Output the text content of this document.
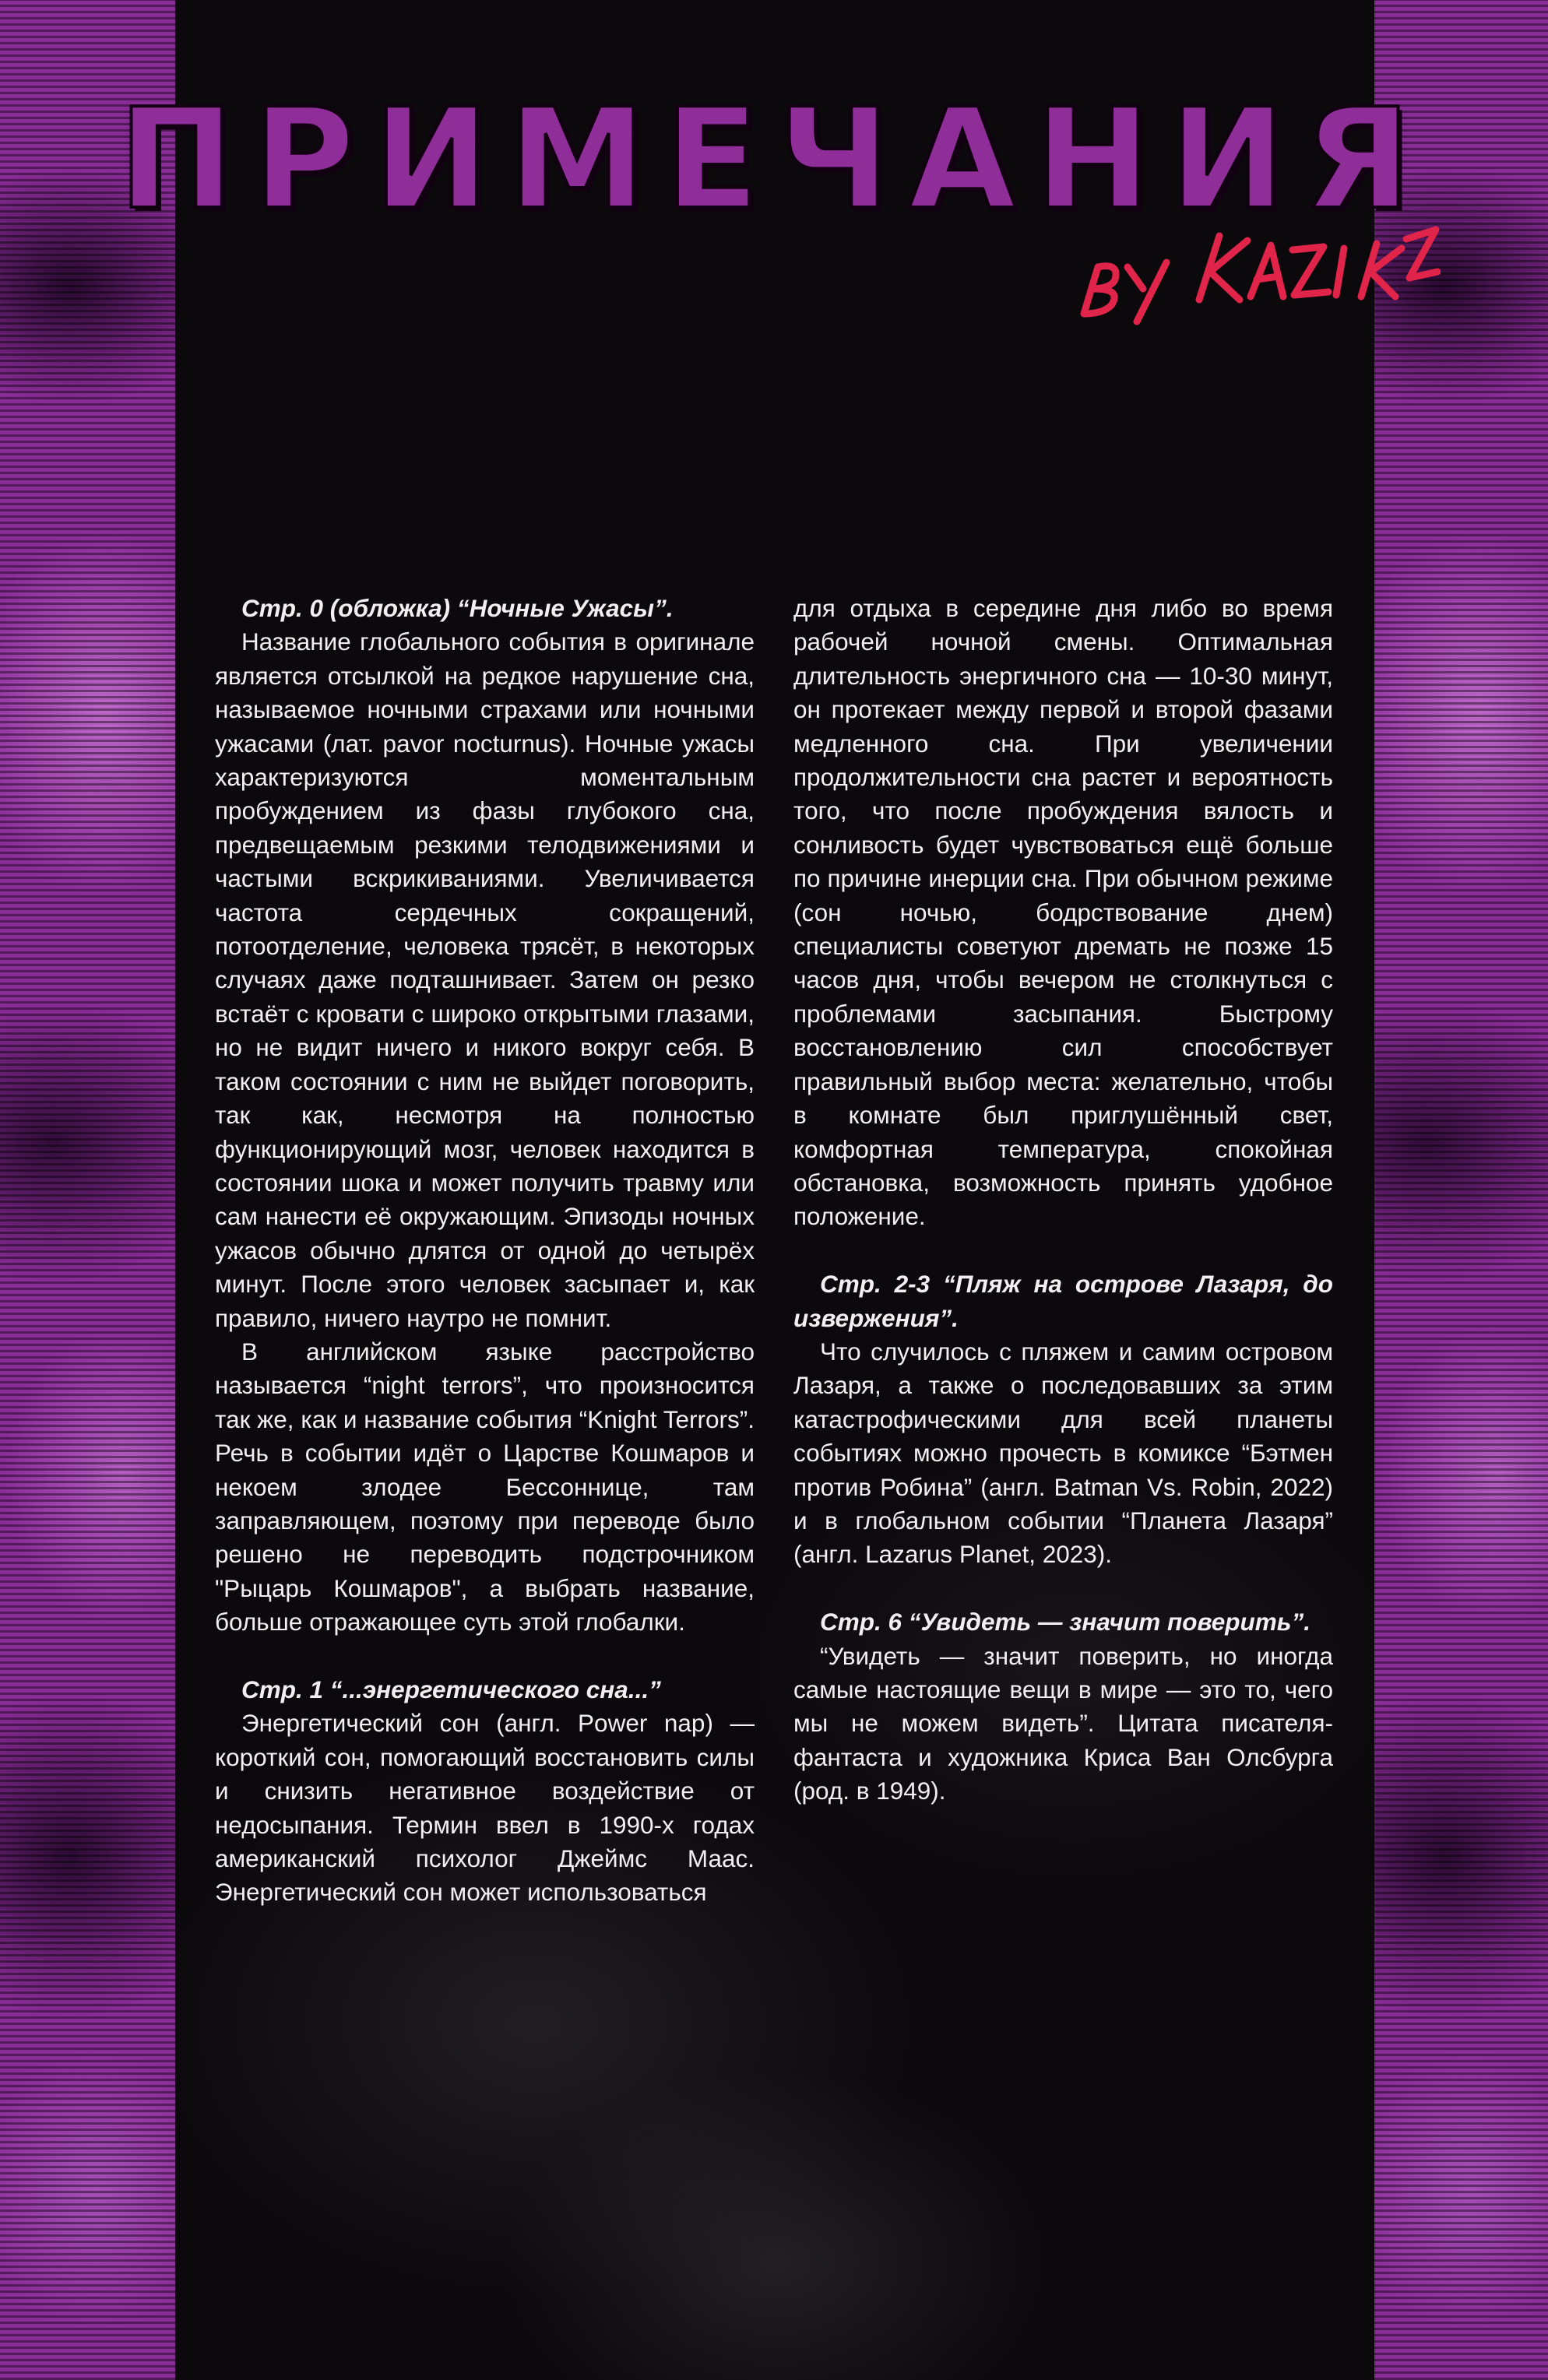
ПРИМЕЧАНИЯ

Стр. 0 (обложка) “Ночные Ужасы”.

Название глобального события в оригинале является отсылкой на редкое нарушение сна, называемое ночными страхами или ночными ужасами (лат. pavor nocturnus). Ночные ужасы характеризуются моментальным пробуждением из фазы глубокого сна, предвещаемым резкими телодвижениями и частыми вскрикиваниями. Увеличивается частота сердечных сокращений, потоотделение, человека трясёт, в некоторых случаях даже подташнивает. Затем он резко встаёт с кровати с широко открытыми глазами, но не видит ничего и никого вокруг себя. В таком состоянии с ним не выйдет поговорить, так как, несмотря на полностью функционирующий мозг, человек находится в состоянии шока и может получить травму или сам нанести её окружающим. Эпизоды ночных ужасов обычно длятся от одной до четырёх минут. После этого человек засыпает и, как правило, ничего наутро не помнит.

В английском языке расстройство называется “night terrors”, что произносится так же, как и название события “Knight Terrors”. Речь в событии идёт о Царстве Кошмаров и некоем злодее Бессоннице, там заправляющем, поэтому при переводе было решено не переводить подстрочником "Рыцарь Кошмаров", а выбрать название, больше отражающее суть этой глобалки.

Стр. 1 “...энергетического сна...”

Энергетический сон (англ. Power nap) — короткий сон, помогающий восстановить силы и снизить негативное воздействие от недосыпания. Термин ввел в 1990-х годах американский психолог Джеймс Маас. Энергетический сон может использоваться

для отдыха в середине дня либо во время рабочей ночной смены. Оптимальная длительность энергичного сна — 10-30 минут, он протекает между первой и второй фазами медленного сна. При увеличении продолжительности сна растет и вероятность того, что после пробуждения вялость и сонливость будет чувствоваться ещё больше по причине инерции сна. При обычном режиме (сон ночью, бодрствование днем) специалисты советуют дремать не позже 15 часов дня, чтобы вечером не столкнуться с проблемами засыпания. Быстрому восстановлению сил способствует правильный выбор места: желательно, чтобы в комнате был приглушённый свет, комфортная температура, спокойная обстановка, возможность принять удобное положение.

Стр. 2-3 “Пляж на острове Лазаря, до извержения”.

Что случилось с пляжем и самим островом Лазаря, а также о последовавших за этим катастрофическими для всей планеты событиях можно прочесть в комиксе “Бэтмен против Робина” (англ. Batman Vs. Robin, 2022) и в глобальном событии “Планета Лазаря” (англ. Lazarus Planet, 2023).

Стр. 6 “Увидеть — значит поверить”.

“Увидеть — значит поверить, но иногда самые настоящие вещи в мире — это то, чего мы не можем видеть”. Цитата писателя-фантаста и художника Криса Ван Олсбурга (род. в 1949).
